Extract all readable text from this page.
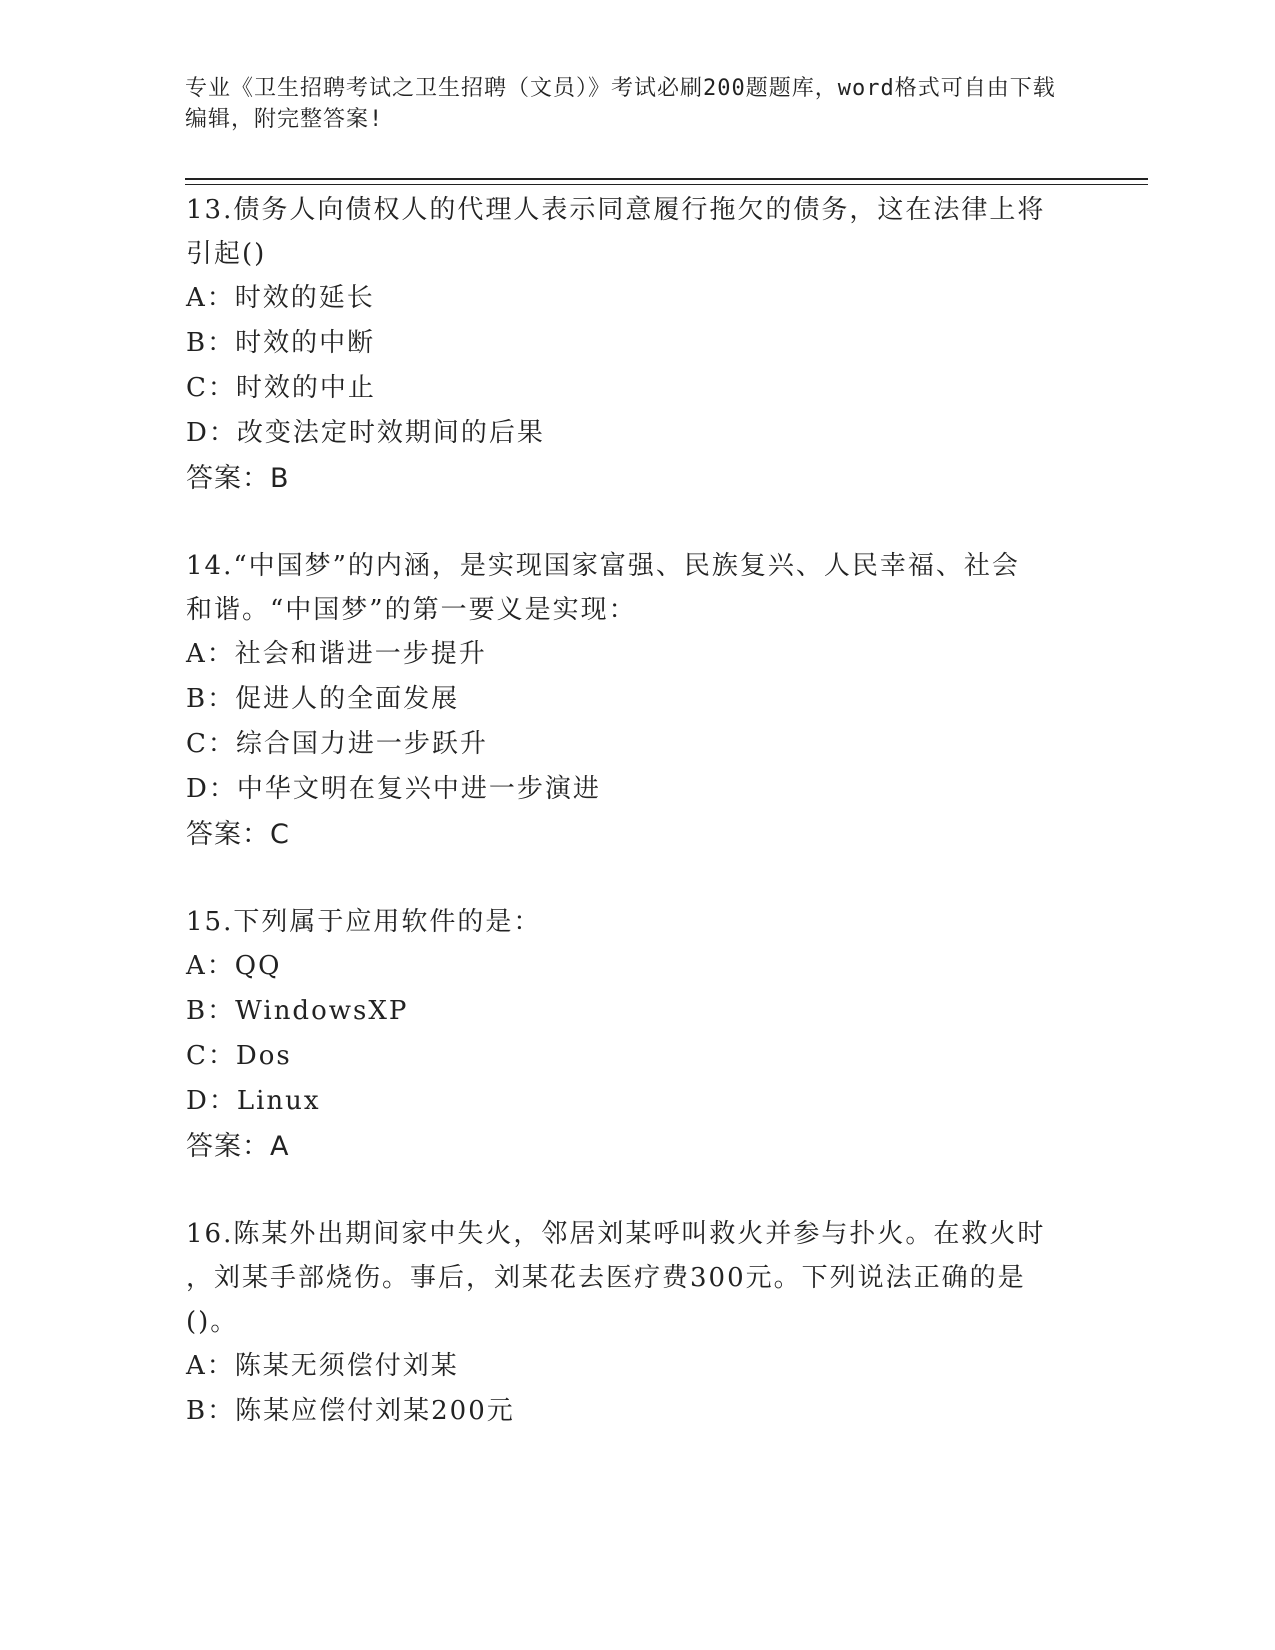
专业《卫生招聘考试之卫生招聘（文员）》考试必刷200题题库，word格式可自由下载编辑，附完整答案!

13.债务人向债权人的代理人表示同意履行拖欠的债务，这在法律上将

引起()

A：时效的延长

B：时效的中断

C：时效的中止

D：改变法定时效期间的后果

答案：B

14.“中国梦”的内涵，是实现国家富强、民族复兴、人民幸福、社会

和谐。“中国梦”的第一要义是实现：

A：社会和谐进一步提升

B：促进人的全面发展

C：综合国力进一步跃升

D：中华文明在复兴中进一步演进

答案：C

15.下列属于应用软件的是：

A：QQ

B：WindowsXP

C：Dos

D：Linux

答案：A

16.陈某外出期间家中失火，邻居刘某呼叫救火并参与扑火。在救火时

，刘某手部烧伤。事后，刘某花去医疗费300元。下列说法正确的是

()。

A：陈某无须偿付刘某

B：陈某应偿付刘某200元
